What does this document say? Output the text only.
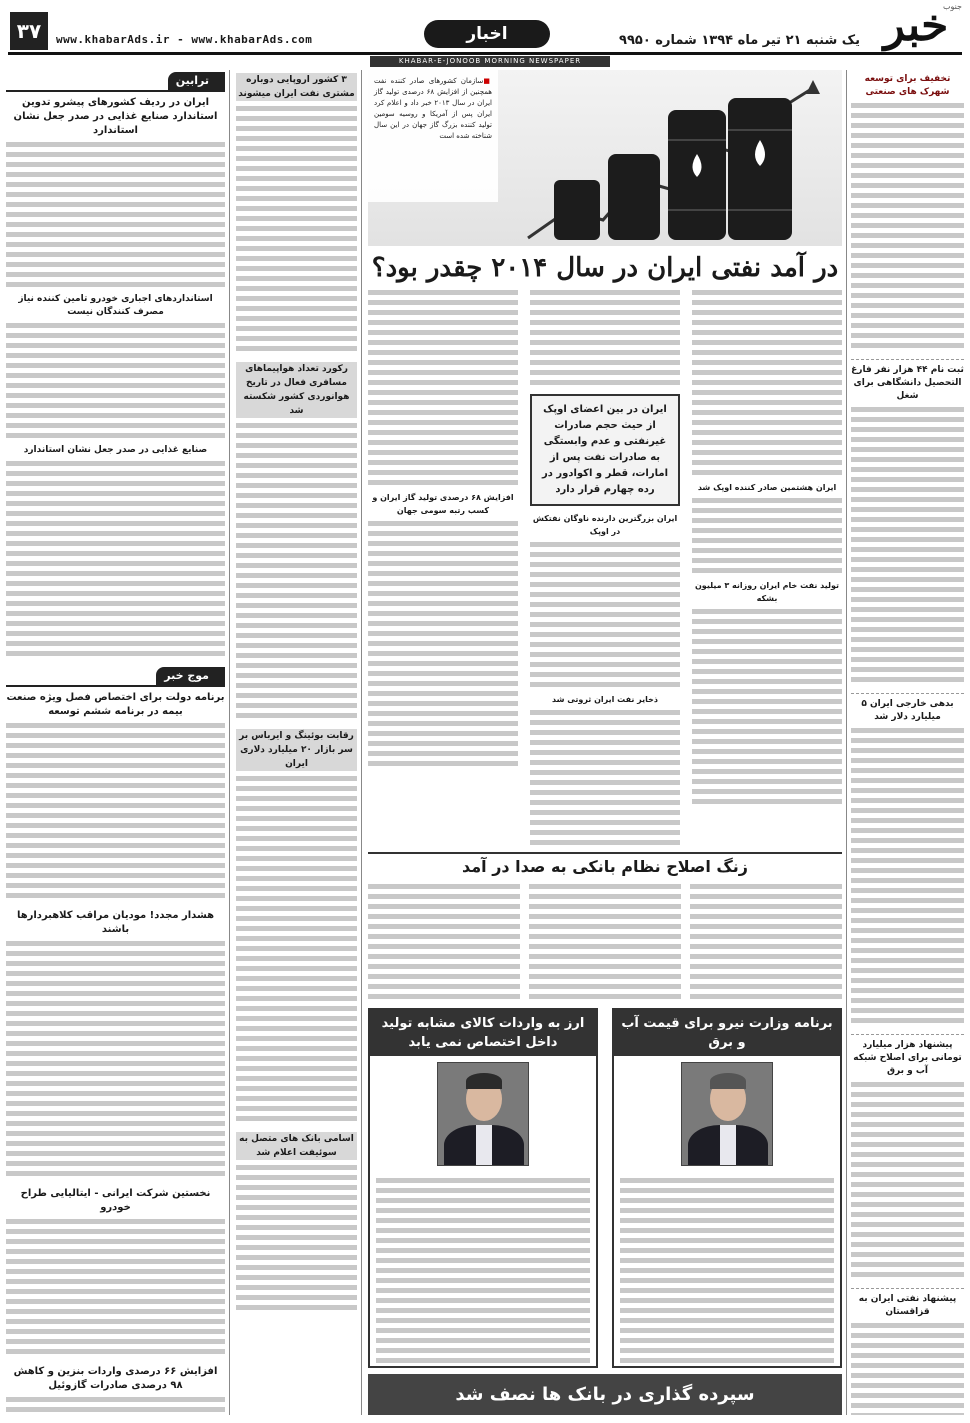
خبر
جنوب
یک شنبه ۲۱ تیر ماه ۱۳۹۴ شماره ۹۹۵۰
اخبار
www.khabarAds.ir - www.khabarAds.com
۳۷
KHABAR-E-JONOOB MORNING NEWSPAPER
تخفیف برای توسعه شهرک های صنعتی
ثبت نام ۴۴ هزار نفر فارغ التحصیل دانشگاهی برای شغل
بدهی خارجی ایران ۵ میلیارد دلار شد
پیشنهاد هزار میلیارد تومانی برای اصلاح شبکه آب و برق
پیشنهاد نفتی ایران به قزاقستان
■ سازمان کشورهای صادر کننده نفت همچنین از افزایش ۶۸ درصدی تولید گاز ایران در سال ۲۰۱۳ خبر داد و اعلام کرد ایران پس از آمریکا و روسیه سومین تولید کننده بزرگ گاز جهان در این سال شناخته شده است
در آمد نفتی ایران در سال ۲۰۱۴ چقدر بود؟
ایران هشتمین صادر کننده اوپک شد
تولید نفت خام ایران روزانه ۳ میلیون بشکه
ایران در بین اعضای اوپک از حیث حجم صادرات غیرنفتی و عدم وابستگی به صادرات نفت پس از امارات، قطر و اکوادور در رده چهارم قرار دارد
ایران بزرگترین دارنده ناوگان نفتکش در اوپک
ذخایر نفت ایران ثروتی شد
افزایش ۶۸ درصدی تولید گاز ایران و کسب رتبه سومی جهان
زنگ اصلاح نظام بانکی به صدا در آمد
برنامه وزارت نیرو برای قیمت آب و برق
ارز به واردات کالای مشابه تولید داخل اختصاص نمی یابد
سپرده گذاری در بانک ها نصف شد
۳ کشور اروپایی دوباره مشتری نفت ایران میشوند
رکورد تعداد هواپیماهای مسافری فعال در تاریخ هوانوردی کشور شکسته شد
رقابت بوئینگ و ایرباس بر سر بازار ۲۰ میلیارد دلاری ایران
اسامی بانک های متصل به سوئیفت اعلام شد
ترابین
ایران در ردیف کشورهای پیشرو تدوین استاندارد صنایع غذایی در صدر جعل نشان استاندارد
استانداردهای اجباری خودرو تامین کننده نیاز مصرف کنندگان نیست
صنایع غذایی در صدر جعل نشان استاندارد
موج خبر
برنامه دولت برای اختصاص فصل ویژه صنعت بیمه در برنامه ششم توسعه
هشدار مجدد! مودیان مراقب کلاهبردارها باشند
نخستین شرکت ایرانی - ایتالیایی طراح خودرو
افزایش ۶۶ درصدی واردات بنزین و کاهش ۹۸ درصدی صادرات گازوئیل
